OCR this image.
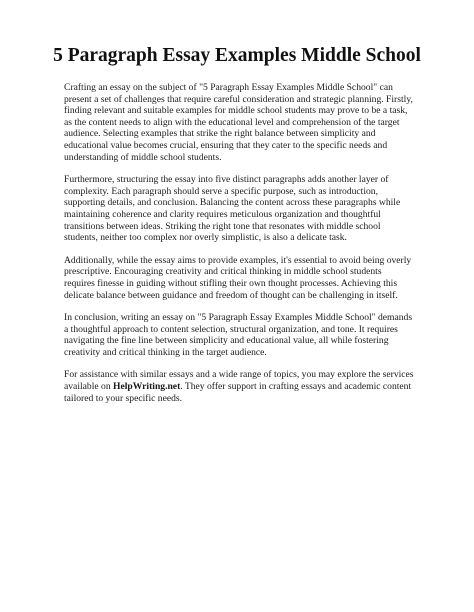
5 Paragraph Essay Examples Middle School

Crafting an essay on the subject of "5 Paragraph Essay Examples Middle School" can present a set of challenges that require careful consideration and strategic planning. Firstly, finding relevant and suitable examples for middle school students may prove to be a task, as the content needs to align with the educational level and comprehension of the target audience. Selecting examples that strike the right balance between simplicity and educational value becomes crucial, ensuring that they cater to the specific needs and understanding of middle school students.

Furthermore, structuring the essay into five distinct paragraphs adds another layer of complexity. Each paragraph should serve a specific purpose, such as introduction, supporting details, and conclusion. Balancing the content across these paragraphs while maintaining coherence and clarity requires meticulous organization and thoughtful transitions between ideas. Striking the right tone that resonates with middle school students, neither too complex nor overly simplistic, is also a delicate task.

Additionally, while the essay aims to provide examples, it's essential to avoid being overly prescriptive. Encouraging creativity and critical thinking in middle school students requires finesse in guiding without stifling their own thought processes. Achieving this delicate balance between guidance and freedom of thought can be challenging in itself.

In conclusion, writing an essay on "5 Paragraph Essay Examples Middle School" demands a thoughtful approach to content selection, structural organization, and tone. It requires navigating the fine line between simplicity and educational value, all while fostering creativity and critical thinking in the target audience.

For assistance with similar essays and a wide range of topics, you may explore the services available on HelpWriting.net. They offer support in crafting essays and academic content tailored to your specific needs.
